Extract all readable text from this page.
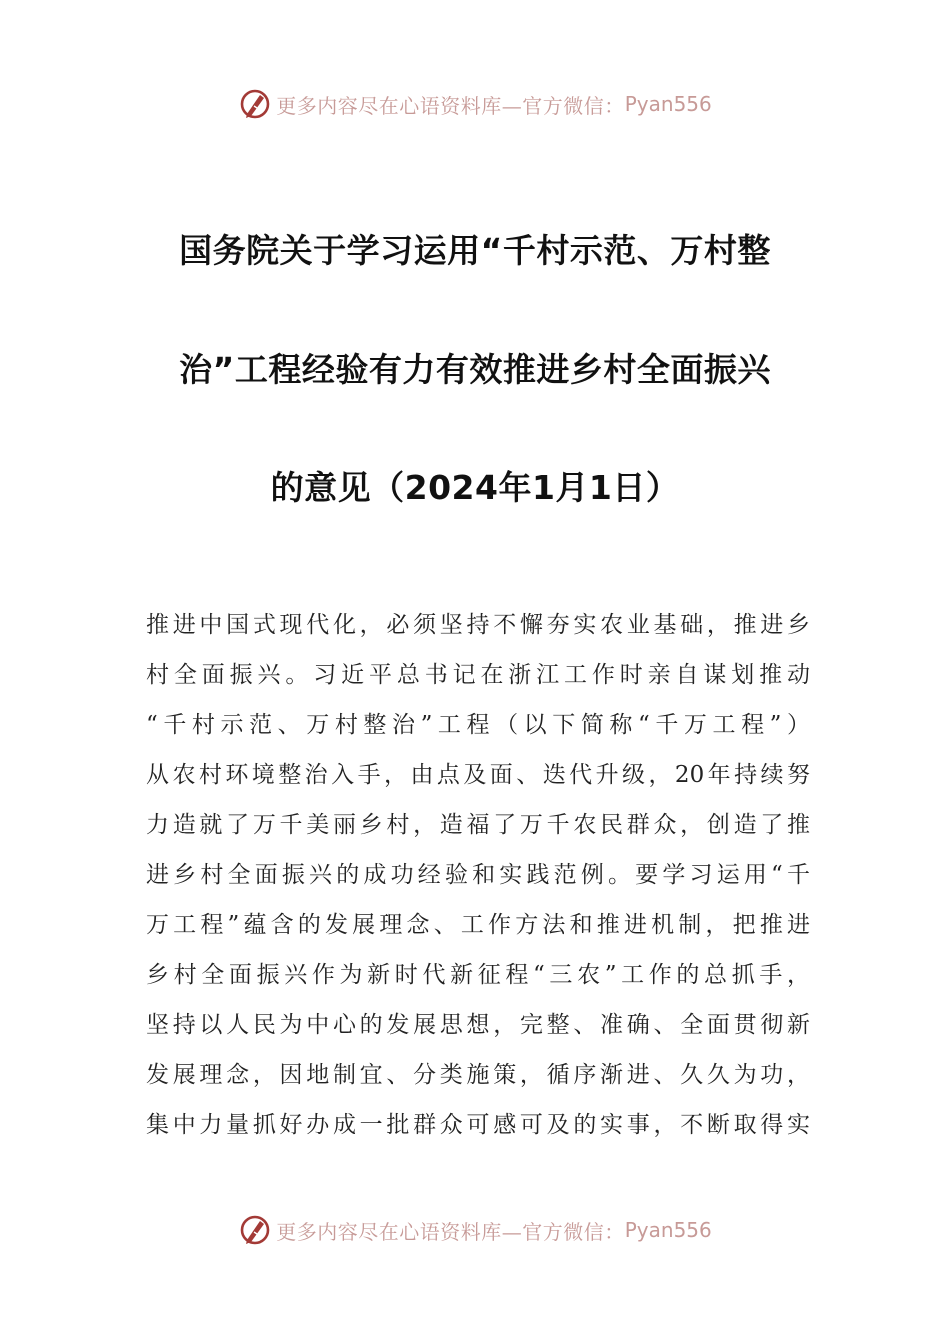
更多内容尽在心语资料库—官方微信： Pyan556
国务院关于学习运用“千村示范、万村整
治”工程经验有力有效推进乡村全面振兴
的意见（2024年1月1日）
推进中国式现代化，必须坚持不懈夯实农业基础，推进乡
村全面振兴。习近平总书记在浙江工作时亲自谋划推动
“千村示范、万村整治”工程（以下简称“千万工程”）
从农村环境整治入手，由点及面、迭代升级，20年持续努
力造就了万千美丽乡村，造福了万千农民群众，创造了推
进乡村全面振兴的成功经验和实践范例。要学习运用“千
万工程”蕴含的发展理念、工作方法和推进机制，把推进
乡村全面振兴作为新时代新征程“三农”工作的总抓手，
坚持以人民为中心的发展思想，完整、准确、全面贯彻新
发展理念，因地制宜、分类施策，循序渐进、久久为功，
集中力量抓好办成一批群众可感可及的实事，不断取得实
更多内容尽在心语资料库—官方微信： Pyan556
